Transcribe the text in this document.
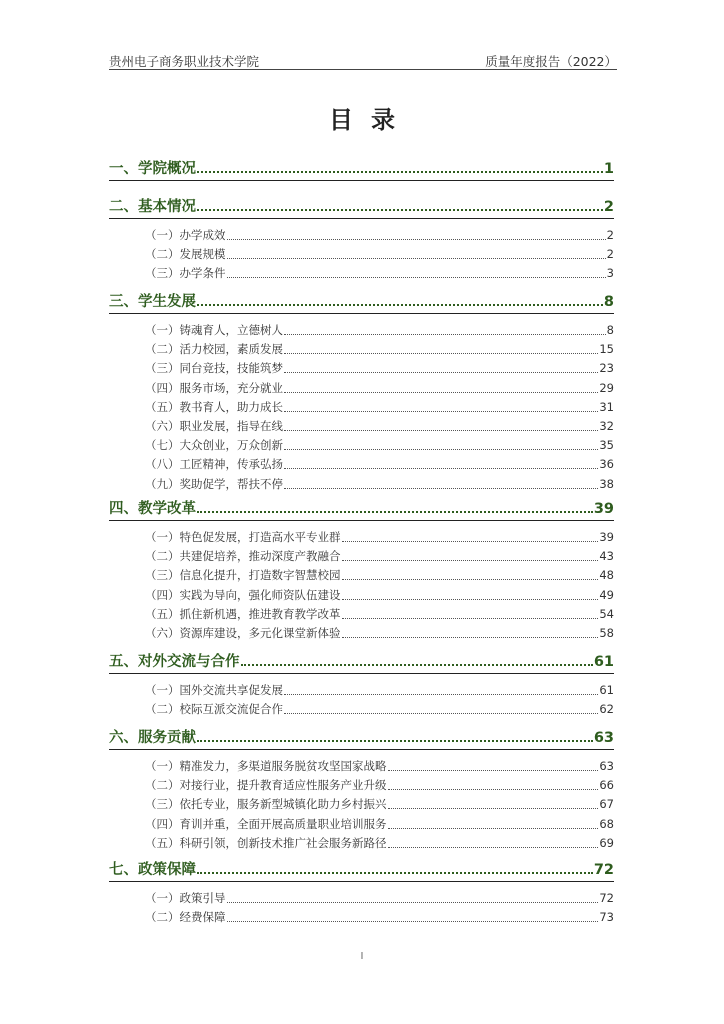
贵州电子商务职业技术学院	质量年度报告（2022）
目录
一、学院概况	1
二、基本情况	2
（一）办学成效	2
（二）发展规模	2
（三）办学条件	3
三、学生发展	8
（一）铸魂育人，立德树人	8
（二）活力校园，素质发展	15
（三）同台竞技，技能筑梦	23
（四）服务市场，充分就业	29
（五）教书育人，助力成长	31
（六）职业发展，指导在线	32
（七）大众创业，万众创新	35
（八）工匠精神，传承弘扬	36
（九）奖助促学，帮扶不停	38
四、教学改革	39
（一）特色促发展，打造高水平专业群	39
（二）共建促培养，推动深度产教融合	43
（三）信息化提升，打造数字智慧校园	48
（四）实践为导向，强化师资队伍建设	49
（五）抓住新机遇，推进教育教学改革	54
（六）资源库建设，多元化课堂新体验	58
五、对外交流与合作	61
（一）国外交流共享促发展	61
（二）校际互派交流促合作	62
六、服务贡献	63
（一）精准发力，多渠道服务脱贫攻坚国家战略	63
（二）对接行业，提升教育适应性服务产业升级	66
（三）依托专业，服务新型城镇化助力乡村振兴	67
（四）育训并重，全面开展高质量职业培训服务	68
（五）科研引领，创新技术推广社会服务新路径	69
七、政策保障	72
（一）政策引导	72
（二）经费保障	73
I
